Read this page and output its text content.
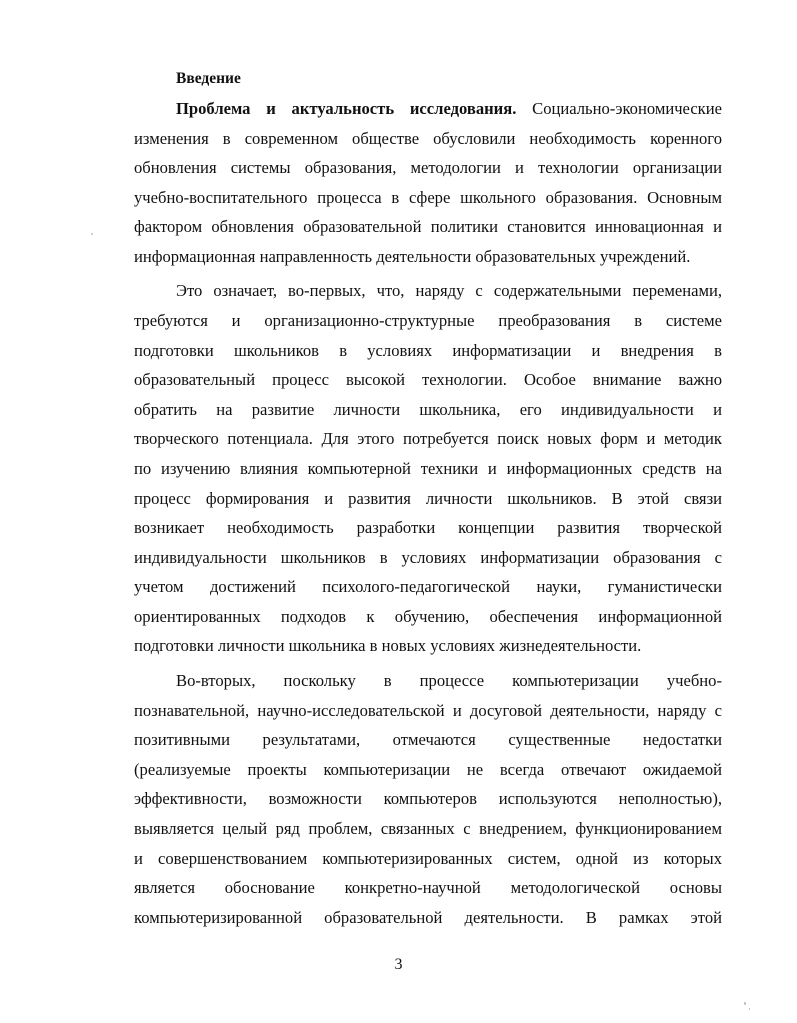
Введение
Проблема и актуальность исследования. Социально-экономические
изменения в современном обществе обусловили необходимость коренного
обновления системы образования, методологии и технологии организации
учебно-воспитательного процесса в сфере школьного образования. Основным
фактором обновления образовательной политики становится инновационная и
информационная направленность деятельности образовательных учреждений.
Это означает, во-первых, что, наряду с содержательными переменами,
требуются и организационно-структурные преобразования в системе
подготовки школьников в условиях информатизации и внедрения в
образовательный процесс высокой технологии. Особое внимание важно
обратить на развитие личности школьника, его индивидуальности и
творческого потенциала. Для этого потребуется поиск новых форм и методик
по изучению влияния компьютерной техники и информационных средств на
процесс формирования и развития личности школьников. В этой связи
возникает необходимость разработки концепции развития творческой
индивидуальности школьников в условиях информатизации образования с
учетом достижений психолого-педагогической науки, гуманистически
ориентированных подходов к обучению, обеспечения информационной
подготовки личности школьника в новых условиях жизнедеятельности.
Во-вторых, поскольку в процессе компьютеризации учебно-
познавательной, научно-исследовательской и досуговой деятельности, наряду с
позитивными результатами, отмечаются существенные недостатки
(реализуемые проекты компьютеризации не всегда отвечают ожидаемой
эффективности, возможности компьютеров используются неполностью),
выявляется целый ряд проблем, связанных с внедрением, функционированием
и совершенствованием компьютеризированных систем, одной из которых
является обоснование конкретно-научной методологической основы
компьютеризированной образовательной деятельности. В рамках этой
3
